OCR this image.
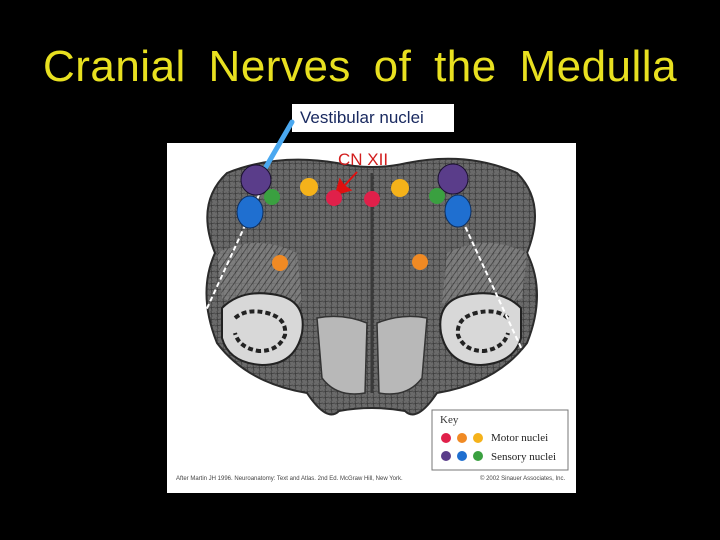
Cranial Nerves of the Medulla
Vestibular nuclei
CN XII
Key
Motor nuclei
Sensory nuclei
After Martin JH 1996. Neuroanatomy: Text and Atlas. 2nd Ed. McGraw Hill, New York.	© 2002 Sinauer Associates, Inc.
